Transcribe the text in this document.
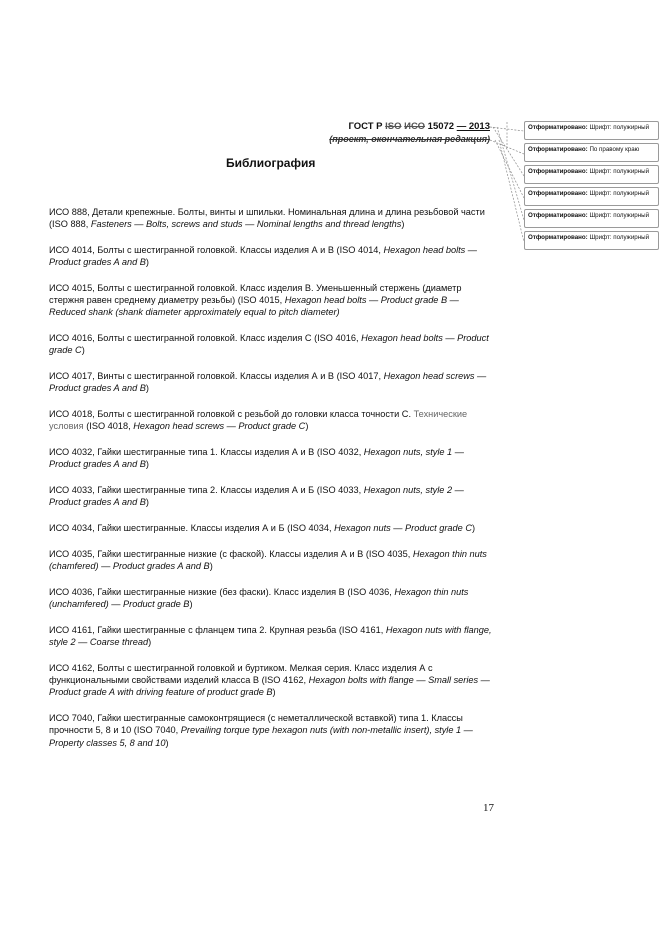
ГОСТ Р ISO ИСО 15072 — 2013
(проект, окончательная редакция)
Библиография

ИСО 888, Детали крепежные. Болты, винты и шпильки. Номинальная длина и длина резьбовой части (ISO 888, Fasteners — Bolts, screws and studs — Nominal lengths and thread lengths)

ИСО 4014, Болты с шестигранной головкой. Классы изделия А и В (ISO 4014, Hexagon head bolts — Product grades A and B)

ИСО 4015, Болты с шестигранной головкой. Класс изделия В. Уменьшенный стержень (диаметр стержня равен среднему диаметру резьбы) (ISO 4015, Hexagon head bolts — Product grade B — Reduced shank (shank diameter approximately equal to pitch diameter)

ИСО 4016, Болты с шестигранной головкой. Класс изделия С (ISO 4016, Hexagon head bolts — Product grade C)

ИСО 4017, Винты с шестигранной головкой. Классы изделия А и В (ISO 4017, Hexagon head screws — Product grades A and B)

ИСО 4018, Болты с шестигранной головкой с резьбой до головки класса точности С. Технические условия (ISO 4018, Hexagon head screws — Product grade C)

ИСО 4032, Гайки шестигранные типа 1. Классы изделия А и В (ISO 4032, Hexagon nuts, style 1 — Product grades A and B)

ИСО 4033, Гайки шестигранные типа 2. Классы изделия А и Б (ISO 4033, Hexagon nuts, style 2 — Product grades A and B)

ИСО 4034, Гайки шестигранные. Классы изделия А и Б (ISO 4034, Hexagon nuts — Product grade C)

ИСО 4035, Гайки шестигранные низкие (с фаской). Классы изделия А и В (ISO 4035, Hexagon thin nuts (chamfered) — Product grades A and B)

ИСО 4036, Гайки шестигранные низкие (без фаски). Класс изделия В (ISO 4036, Hexagon thin nuts (unchamfered) — Product grade B)

ИСО 4161, Гайки шестигранные с фланцем типа 2. Крупная резьба (ISO 4161, Hexagon nuts with flange, style 2 — Coarse thread)

ИСО 4162, Болты с шестигранной головкой и буртиком. Мелкая серия. Класс изделия А с функциональными свойствами изделий класса В (ISO 4162, Hexagon bolts with flange — Small series — Product grade A with driving feature of product grade B)

ИСО 7040, Гайки шестигранные самоконтрящиеся (с неметаллической вставкой) типа 1. Классы прочности 5, 8 и 10 (ISO 7040, Prevailing torque type hexagon nuts (with non-metallic insert), style 1 — Property classes 5, 8 and 10)

17
Отформатировано: Шрифт: полужирный
Отформатировано: По правому краю
Отформатировано: Шрифт: полужирный
Отформатировано: Шрифт: полужирный
Отформатировано: Шрифт: полужирный
Отформатировано: Шрифт: полужирный
